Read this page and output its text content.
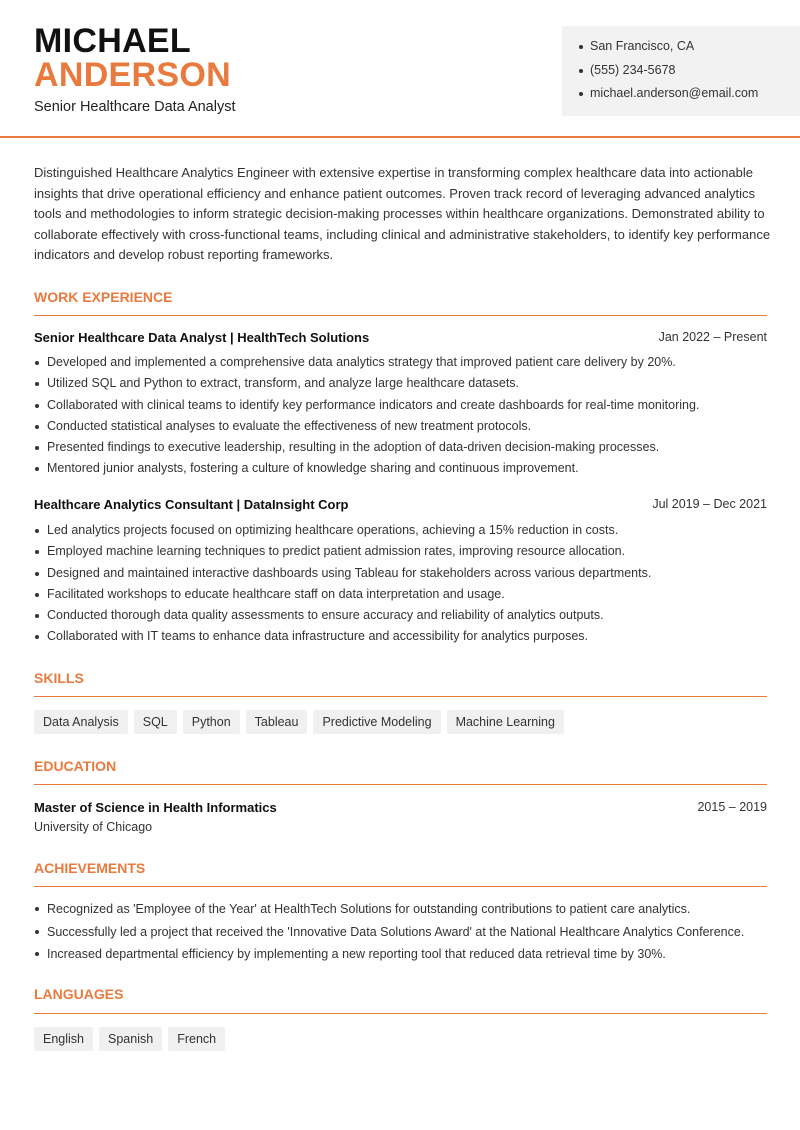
MICHAEL
ANDERSON
Senior Healthcare Data Analyst
San Francisco, CA
(555) 234-5678
michael.anderson@email.com
Distinguished Healthcare Analytics Engineer with extensive expertise in transforming complex healthcare data into actionable insights that drive operational efficiency and enhance patient outcomes. Proven track record of leveraging advanced analytics tools and methodologies to inform strategic decision-making processes within healthcare organizations. Demonstrated ability to collaborate effectively with cross-functional teams, including clinical and administrative stakeholders, to identify key performance indicators and develop robust reporting frameworks.
WORK EXPERIENCE
Senior Healthcare Data Analyst | HealthTech Solutions	Jan 2022 – Present
Developed and implemented a comprehensive data analytics strategy that improved patient care delivery by 20%.
Utilized SQL and Python to extract, transform, and analyze large healthcare datasets.
Collaborated with clinical teams to identify key performance indicators and create dashboards for real-time monitoring.
Conducted statistical analyses to evaluate the effectiveness of new treatment protocols.
Presented findings to executive leadership, resulting in the adoption of data-driven decision-making processes.
Mentored junior analysts, fostering a culture of knowledge sharing and continuous improvement.
Healthcare Analytics Consultant | DataInsight Corp	Jul 2019 – Dec 2021
Led analytics projects focused on optimizing healthcare operations, achieving a 15% reduction in costs.
Employed machine learning techniques to predict patient admission rates, improving resource allocation.
Designed and maintained interactive dashboards using Tableau for stakeholders across various departments.
Facilitated workshops to educate healthcare staff on data interpretation and usage.
Conducted thorough data quality assessments to ensure accuracy and reliability of analytics outputs.
Collaborated with IT teams to enhance data infrastructure and accessibility for analytics purposes.
SKILLS
Data Analysis	SQL	Python	Tableau	Predictive Modeling	Machine Learning
EDUCATION
Master of Science in Health Informatics	2015 – 2019
University of Chicago
ACHIEVEMENTS
Recognized as 'Employee of the Year' at HealthTech Solutions for outstanding contributions to patient care analytics.
Successfully led a project that received the 'Innovative Data Solutions Award' at the National Healthcare Analytics Conference.
Increased departmental efficiency by implementing a new reporting tool that reduced data retrieval time by 30%.
LANGUAGES
English	Spanish	French
